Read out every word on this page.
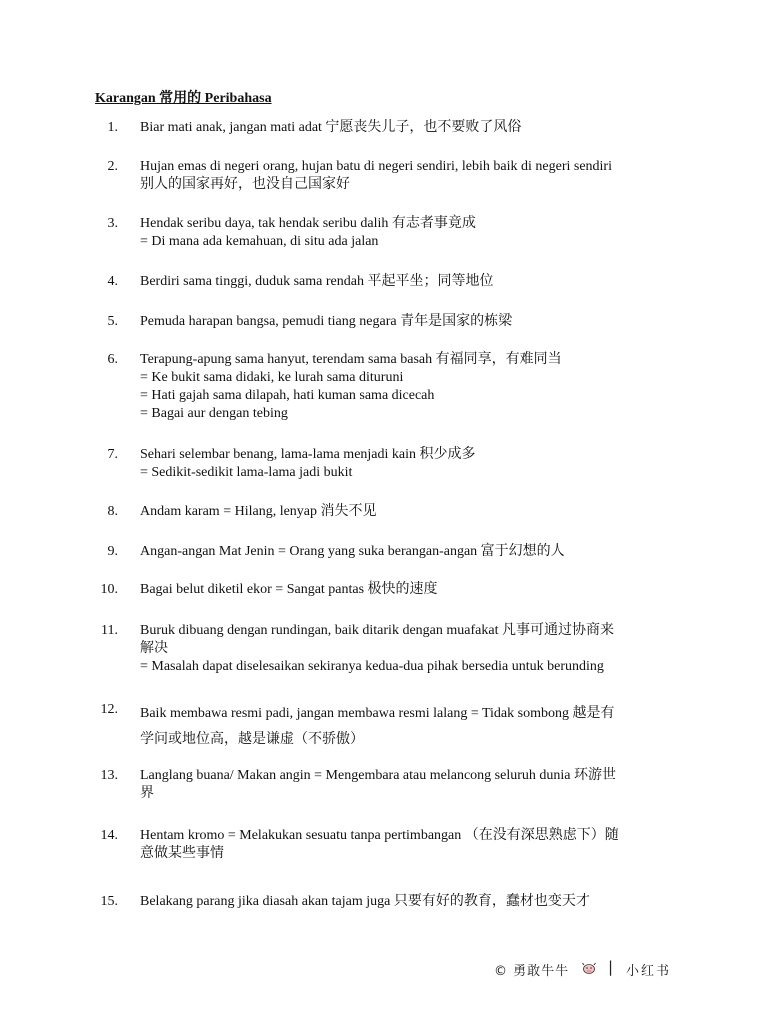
Karangan 常用的 Peribahasa
1. Biar mati anak, jangan mati adat 宁愿丧失儿子，也不要败了风俗
2. Hujan emas di negeri orang, hujan batu di negeri sendiri, lebih baik di negeri sendiri
别人的国家再好，也没自己国家好
3. Hendak seribu daya, tak hendak seribu dalih 有志者事竟成
= Di mana ada kemahuan, di situ ada jalan
4. Berdiri sama tinggi, duduk sama rendah 平起平坐；同等地位
5. Pemuda harapan bangsa, pemudi tiang negara 青年是国家的栋梁
6. Terapung-apung sama hanyut, terendam sama basah 有福同享，有难同当
= Ke bukit sama didaki, ke lurah sama dituruni
= Hati gajah sama dilapah, hati kuman sama dicecah
= Bagai aur dengan tebing
7. Sehari selembar benang, lama-lama menjadi kain 积少成多
= Sedikit-sedikit lama-lama jadi bukit
8. Andam karam = Hilang, lenyap 消失不见
9. Angan-angan Mat Jenin = Orang yang suka berangan-angan 富于幻想的人
10. Bagai belut diketil ekor = Sangat pantas 极快的速度
11. Buruk dibuang dengan rundingan, baik ditarik dengan muafakat 凡事可通过协商来
解决
= Masalah dapat diselesaikan sekiranya kedua-dua pihak bersedia untuk berunding
12. Baik membawa resmi padi, jangan membawa resmi lalang = Tidak sombong 越是有
学问或地位高，越是谦虚（不骄傲）
13. Langlang buana/ Makan angin = Mengembara atau melancong seluruh dunia 环游世
界
14. Hentam kromo = Melakukan sesuatu tanpa pertimbangan （在没有深思熟虑下）随
意做某些事情
15. Belakang parang jika diasah akan tajam juga 只要有好的教育，蠢材也变天才
© 勇敢牛牛	| 小红书
